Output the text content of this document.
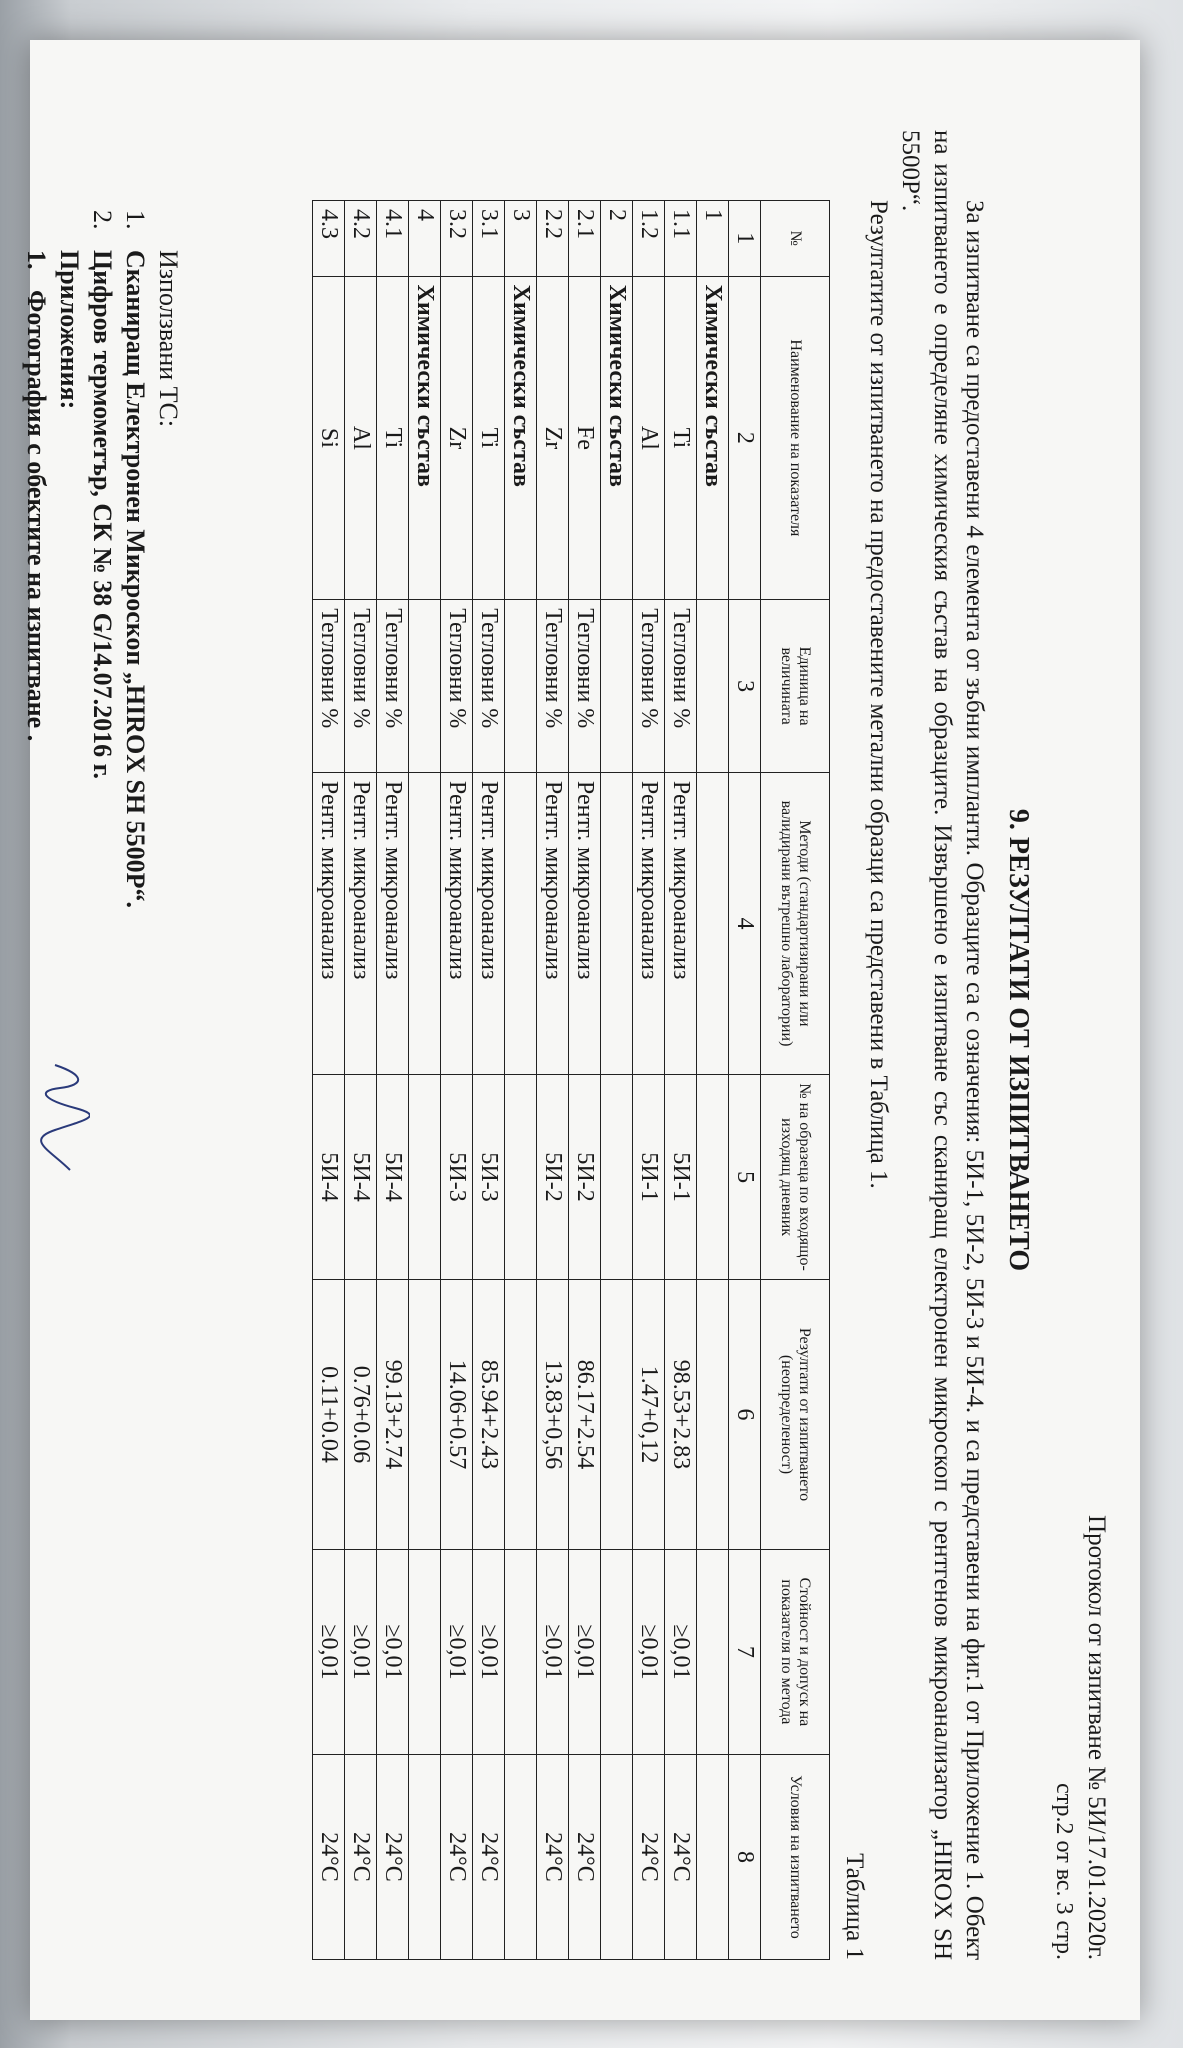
Протокол от изпитване № 5И/17.01.2020г.
стр.2 от вс. 3 стр.
9. РЕЗУЛТАТИ ОТ ИЗПИТВАНЕТО

За изпитване са предоставени 4 елемента от зъбни импланти. Образците са с означения: 5И-1, 5И-2, 5И-3 и 5И-4. и са представени на фиг.1 от Приложение 1. Обект на изпитването е определяне химическия състав на образците. Извършено е изпитване със сканиращ електронен микроскоп с рентгенов микроанализатор „HIROX SH 5500P“.

Резултатите от изпитването на предоставените метални образци са представени в Таблица 1.

Таблица 1
№	Наименование на показателя	Единица на величината	Методи (стандартизирани или валидирани вътрешно лаборатории)	№ на образеца по входящо-изходящ дневник	Резултати от изпитването (неопределеност)	Стойност и допуск на показателя по метода	Условия на изпитването
1	2	3	4	5	6	7	8
1	Химически състав						
1.1	Ti	Тегловни %	Рентг. микроанализ	5И-1	98.53+2.83	≥0,01	24°C
1.2	Al	Тегловни %	Рентг. микроанализ	5И-1	1.47+0,12	≥0,01	24°C
2	Химически състав						
2.1	Fe	Тегловни %	Рентг. микроанализ	5И-2	86.17+2.54	≥0,01	24°C
2.2	Zr	Тегловни %	Рентг. микроанализ	5И-2	13.83+0,56	≥0,01	24°C
3	Химически състав						
3.1	Ti	Тегловни %	Рентг. микроанализ	5И-3	85.94+2.43	≥0,01	24°C
3.2	Zr	Тегловни %	Рентг. микроанализ	5И-3	14.06+0.57	≥0,01	24°C
4	Химически състав						
4.1	Ti	Тегловни %	Рентг. микроанализ	5И-4	99.13+2.74	≥0,01	24°C
4.2	Al	Тегловни %	Рентг. микроанализ	5И-4	0.76+0.06	≥0,01	24°C
4.3	Si	Тегловни %	Рентг. микроанализ	5И-4	0.11+0.04	≥0,01	24°C
Използвани ТС:
1.Сканиращ Електронен Микроскоп „HIROX SH 5500P“.
2.Цифров термометър, СК № 38 G/14.07.2016 г.
Приложения:
1.Фотография с обектите на изпитване .
